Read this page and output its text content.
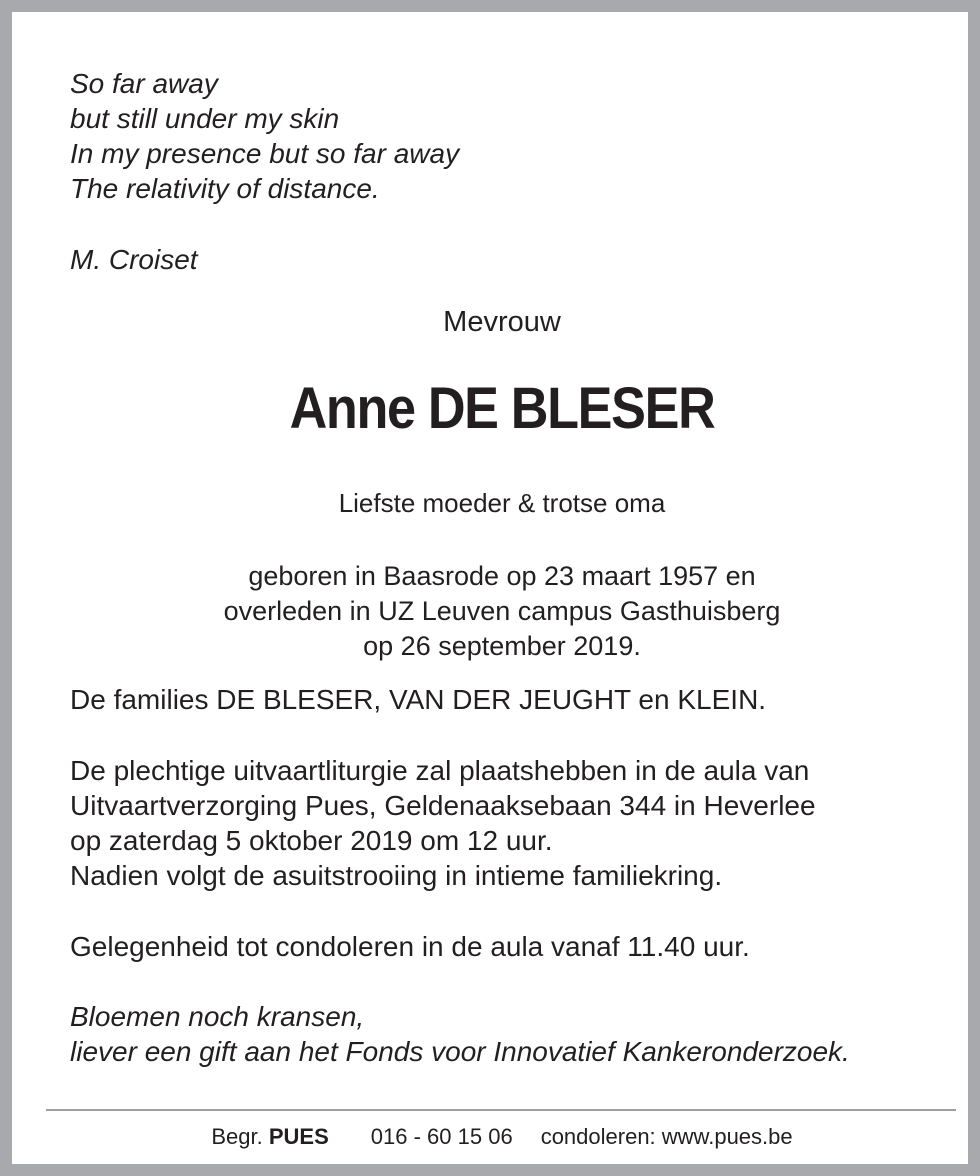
So far away

but still under my skin

In my presence but so far away

The relativity of distance.

M. Croiset

Mevrouw

Anne DE BLESER

Liefste moeder & trotse oma

geboren in Baasrode op 23 maart 1957 en

overleden in UZ Leuven campus Gasthuisberg

op 26 september 2019.

De families DE BLESER, VAN DER JEUGHT en KLEIN.

De plechtige uitvaartliturgie zal plaatshebben in de aula van

Uitvaartverzorging Pues, Geldenaaksebaan 344 in Heverlee

op zaterdag 5 oktober 2019 om 12 uur.

Nadien volgt de asuitstrooiing in intieme familiekring.

Gelegenheid tot condoleren in de aula vanaf 11.40 uur.

Bloemen noch kransen,

liever een gift aan het Fonds voor Innovatief Kankeronderzoek.

Begr. PUES 016 - 60 15 06 condoleren: www.pues.be
